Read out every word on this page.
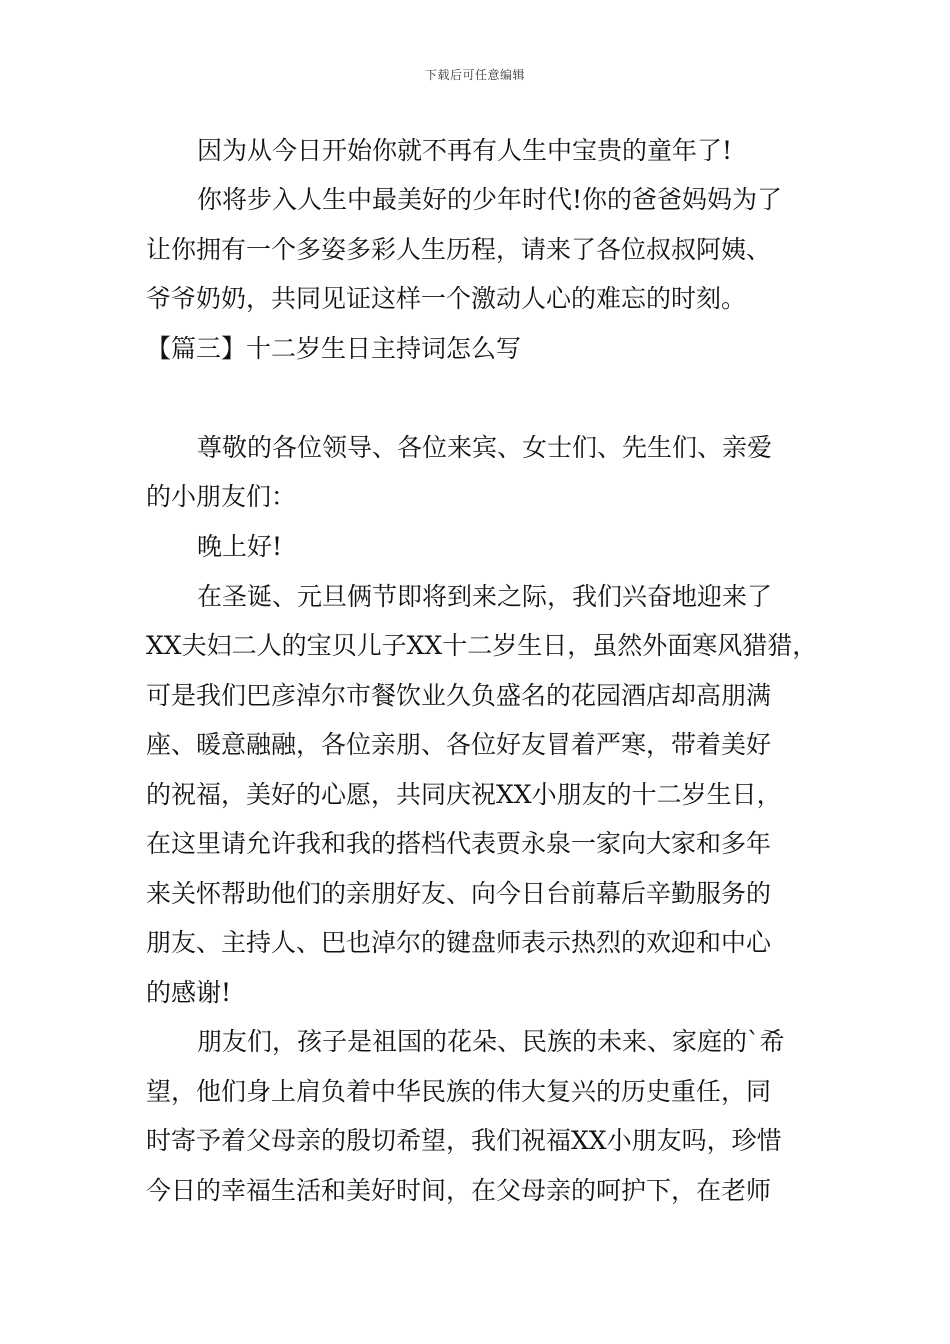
下载后可任意编辑
因为从今日开始你就不再有人生中宝贵的童年了!
你将步入人生中最美好的少年时代!你的爸爸妈妈为了
让你拥有一个多姿多彩人生历程，请来了各位叔叔阿姨、
爷爷奶奶，共同见证这样一个激动人心的难忘的时刻。
【篇三】十二岁生日主持词怎么写
尊敬的各位领导、各位来宾、女士们、先生们、亲爱
的小朋友们：
晚上好!
在圣诞、元旦俩节即将到来之际，我们兴奋地迎来了
XX夫妇二人的宝贝儿子XX十二岁生日，虽然外面寒风猎猎，
可是我们巴彦淖尔市餐饮业久负盛名的花园酒店却高朋满
座、暖意融融，各位亲朋、各位好友冒着严寒，带着美好
的祝福，美好的心愿，共同庆祝XX小朋友的十二岁生日，
在这里请允许我和我的搭档代表贾永泉一家向大家和多年
来关怀帮助他们的亲朋好友、向今日台前幕后辛勤服务的
朋友、主持人、巴也淖尔的键盘师表示热烈的欢迎和中心
的感谢!
朋友们，孩子是祖国的花朵、民族的未来、家庭的`希
望，他们身上肩负着中华民族的伟大复兴的历史重任，同
时寄予着父母亲的殷切希望，我们祝福XX小朋友吗，珍惜
今日的幸福生活和美好时间，在父母亲的呵护下，在老师
